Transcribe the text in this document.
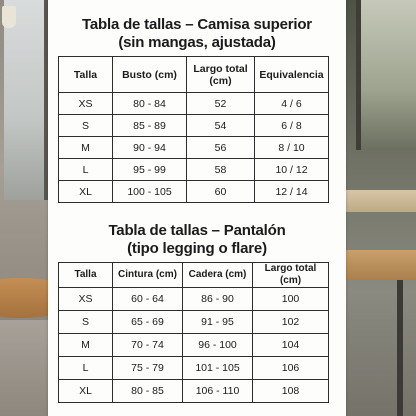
Tabla de tallas – Camisa superior
(sin mangas, ajustada)
Talla	Busto (cm)	Largo total (cm)	Equivalencia
XS	80 - 84	52	4 / 6
S	85 - 89	54	6 / 8
M	90 - 94	56	8 / 10
L	95 - 99	58	10 / 12
XL	100 - 105	60	12 / 14
Tabla de tallas – Pantalón
(tipo legging o flare)
Talla	Cintura (cm)	Cadera (cm)	Largo total (cm)
XS	60 - 64	86 - 90	100
S	65 - 69	91 - 95	102
M	70 - 74	96 - 100	104
L	75 - 79	101 - 105	106
XL	80 - 85	106 - 110	108
